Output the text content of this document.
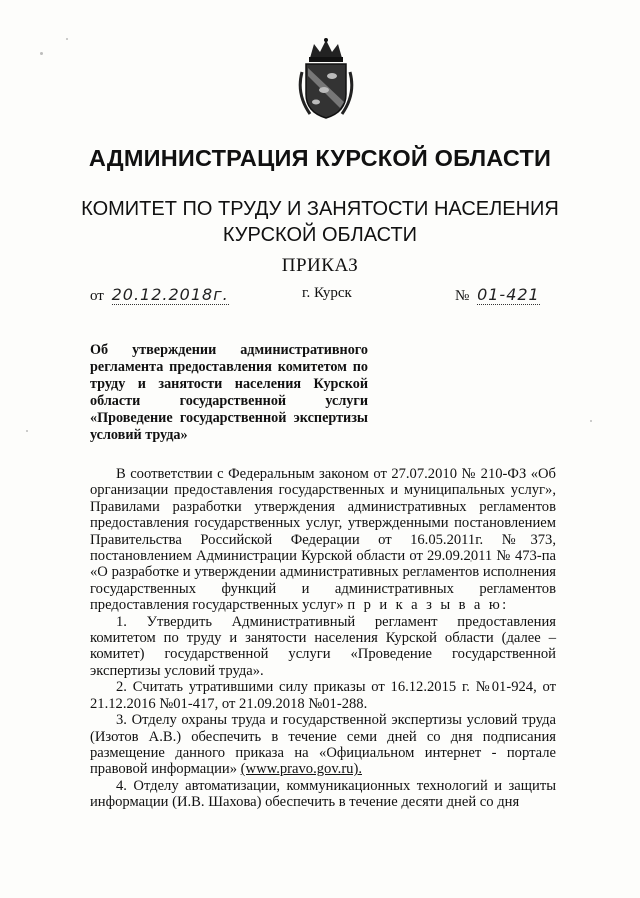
АДМИНИСТРАЦИЯ КУРСКОЙ ОБЛАСТИ
КОМИТЕТ ПО ТРУДУ И ЗАНЯТОСТИ НАСЕЛЕНИЯ
КУРСКОЙ ОБЛАСТИ
ПРИКАЗ
от 20.12.2018г.	г. Курск	№ 01-421
Об утверждении административного регламента предоставления комитетом по труду и занятости населения Курской области государственной услуги «Проведение государственной экспертизы условий труда»

В соответствии с Федеральным законом от 27.07.2010 № 210-ФЗ «Об организации предоставления государственных и муниципальных услуг», Правилами разработки утверждения административных регламентов предоставления государственных услуг, утвержденными постановлением Правительства Российской Федерации от 16.05.2011г. №373, постановлением Администрации Курской области от 29.09.2011 № 473-па «О разработке и утверждении административных регламентов исполнения государственных функций и административных регламентов предоставления государственных услуг» п р и к а з ы в а ю:

1. Утвердить Административный регламент предоставления комитетом по труду и занятости населения Курской области (далее – комитет) государственной услуги «Проведение государственной экспертизы условий труда».

2. Считать утратившими силу приказы от 16.12.2015 г. №01-924, от 21.12.2016 №01-417, от 21.09.2018 №01-288.

3. Отделу охраны труда и государственной экспертизы условий труда (Изотов А.В.) обеспечить в течение семи дней со дня подписания размещение данного приказа на «Официальном интернет - портале правовой информации» (www.pravo.gov.ru).

4. Отделу автоматизации, коммуникационных технологий и защиты информации (И.В. Шахова) обеспечить в течение десяти дней со дня
